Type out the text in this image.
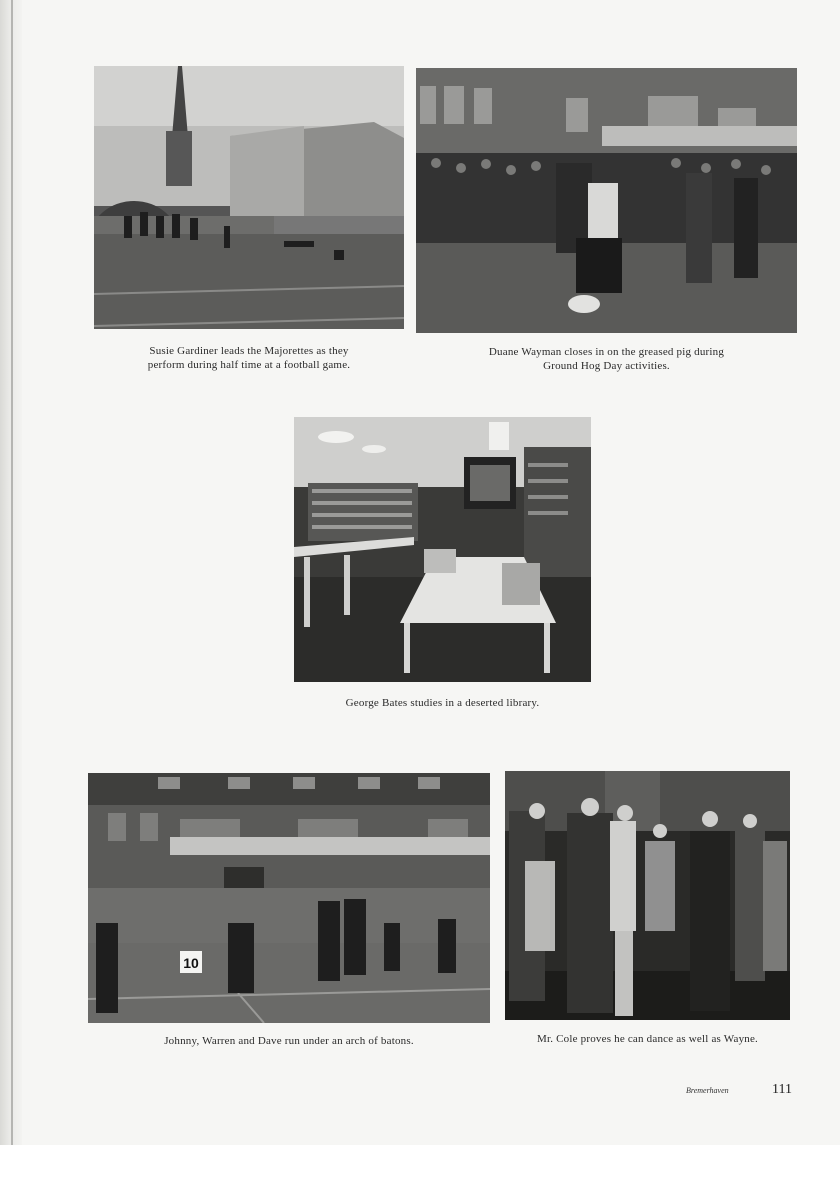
Susie Gardiner leads the Majorettes as they
perform during half time at a football game.
Duane Wayman closes in on the greased pig during
Ground Hog Day activities.
George Bates studies in a deserted library.
10
Johnny, Warren and Dave run under an arch of batons.	Mr. Cole proves he can dance as well as Wayne.
Bremerhaven	111
